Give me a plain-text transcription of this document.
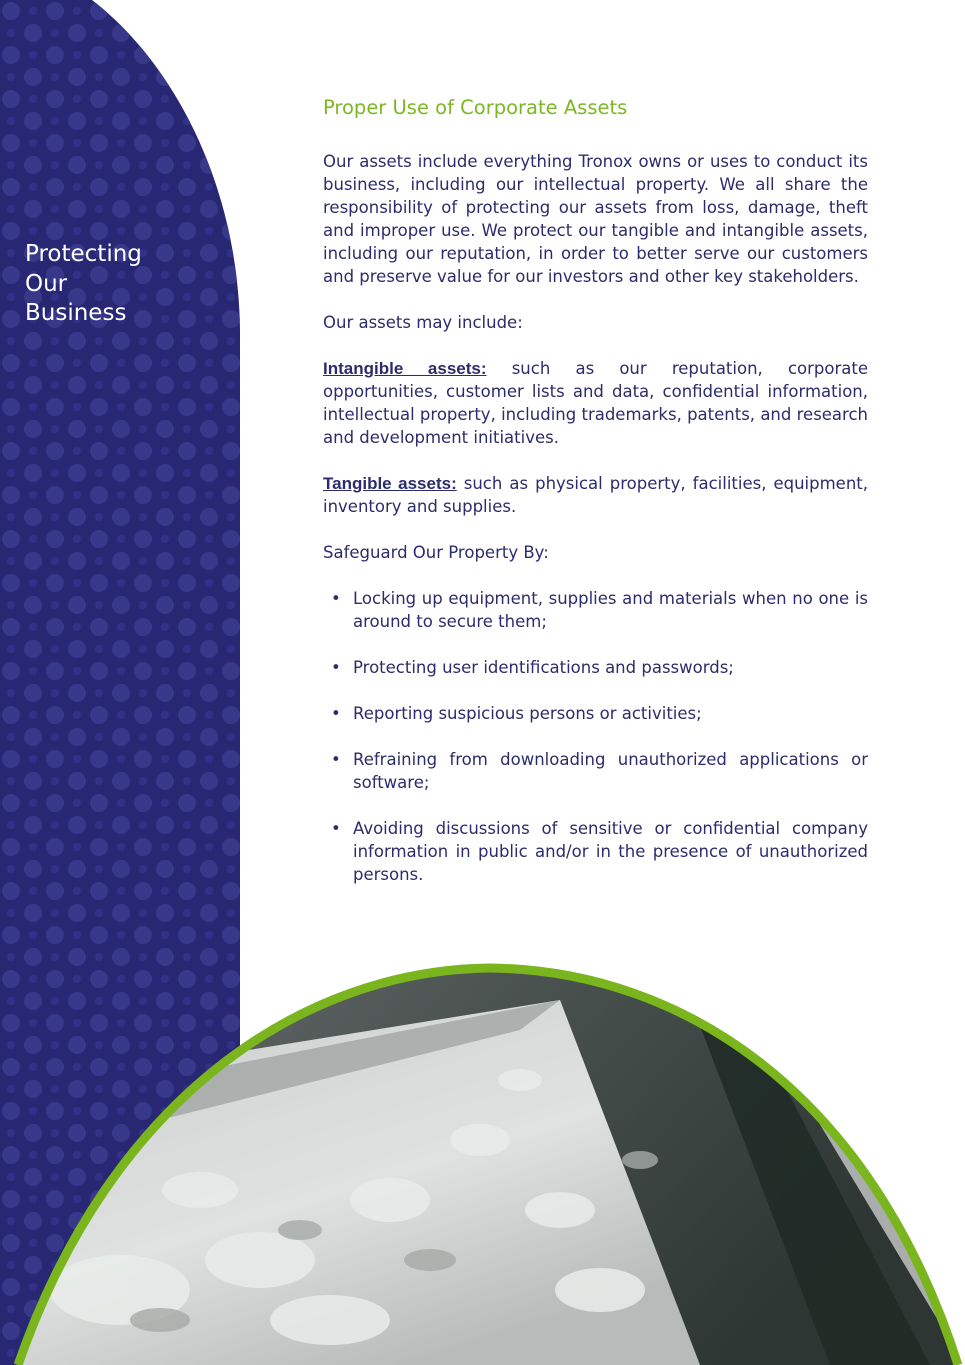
Protecting
Our
Business
Proper Use of Corporate Assets

Our assets include everything Tronox owns or uses to conduct its business, including our intellectual property. We all share the responsibility of protecting our assets from loss, damage, theft and improper use. We protect our tangible and intangible assets, including our reputation, in order to better serve our customers and preserve value for our investors and other key stakeholders.

Our assets may include:

Intangible assets: such as our reputation, corporate opportunities, customer lists and data, confidential information, intellectual property, including trademarks, patents, and research and development initiatives.

Tangible assets: such as physical property, facilities, equipment, inventory and supplies.

Safeguard Our Property By:

• Locking up equipment, supplies and materials when no one is around to secure them;
• Protecting user identifications and passwords;
• Reporting suspicious persons or activities;
• Refraining from downloading unauthorized applications or software;
• Avoiding discussions of sensitive or confidential company information in public and/or in the presence of unauthorized persons.
